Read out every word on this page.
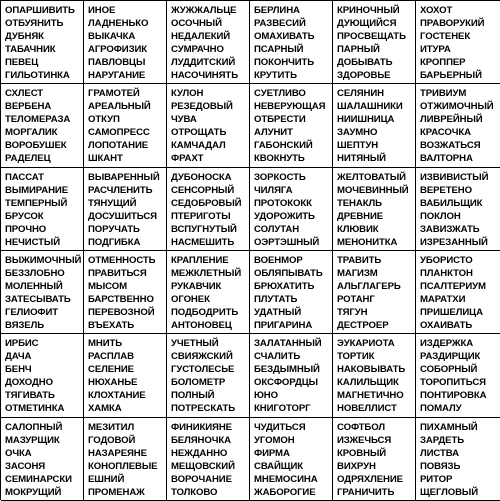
ОПАРШИВИТЬ
ОТБУЯНИТЬ
ДУБНЯК
ТАБАЧНИК
ПЕВЕЦ
ГИЛЬОТИНКА
ИНОЕ
ЛАДНЕНЬКО
ВЫКАЧКА
АГРОФИЗИК
ПАВЛОВЦЫ
НАРУГАНИЕ
ЖУЖЖАЛЬЦЕ
ОСОЧНЫЙ
НЕДАЛЕКИЙ
СУМРАЧНО
ЛУДДИТСКИЙ
НАСОЧИНЯТЬ
БЕРЛИНА
РАЗВЕСИЙ
ОМАХИВАТЬ
ПСАРНЫЙ
ПОКОНЧИТЬ
КРУТИТЬ
КРИНОЧНЫЙ
ДУЮЩИЙСЯ
ПРОСВЕЩАТЬ
ПАРНЫЙ
ДОБЫВАТЬ
ЗДОРОВЬЕ
ХОХОТ
ПРАВОРУКИЙ
ГОСТЕНЕК
ИТУРА
КРОППЕР
БАРЬЕРНЫЙ
СХЛЕСТ
ВЕРБЕНА
ТЕЛОМЕРАЗА
МОРГАЛИК
ВОРОБУШЕК
РАДЕЛЕЦ
ГРАМОТЕЙ
АРЕАЛЬНЫЙ
ОТКУП
САМОПРЕСС
ЛОПОТАНИЕ
ШКАНТ
КУЛОН
РЕЗЕДОВЫЙ
ЧУВА
ОТРОЩАТЬ
КАМЧАДАЛ
ФРАХТ
СУЕТЛИВО
НЕВЕРУЮЩАЯ
ОТБРЕСТИ
АЛУНИТ
ГАБОНСКИЙ
КВОКНУТЬ
СЕЛЯНИН
ШАЛАШНИКИ
НИИШНИЦА
ЗАУМНО
ШЕПТУН
НИТЯНЫЙ
ТРИВИУМ
ОТЖИМОЧНЫЙ
ЛИВРЕЙНЫЙ
КРАСОЧКА
ВОЗЖАТЬСЯ
ВАЛТОРНА
ПАССАТ
ВЫМИРАНИЕ
ТЕМПЕРНЫЙ
БРУСОК
ПРОЧНО
НЕЧИСТЫЙ
ВЫВАРЕННЫЙ
РАСЧЛЕНИТЬ
ТЯНУЩИЙ
ДОСУШИТЬСЯ
ПОРУЧАТЬ
ПОДГИБКА
ДУБОНОСКА
СЕНСОРНЫЙ
СЕДОБРОВЫЙ
ПТЕРИГОТЫ
ВСПУГНУТЫЙ
НАСМЕШИТЬ
ЗОРКОСТЬ
ЧИЛЯГА
ПРОТОКОКК
УДОРОЖИТЬ
СОЛУТАН
ОЭРТЭШНЫЙ
ЖЕЛТОВАТЫЙ
МОЧЕВИННЫЙ
ТЕНАКЛЬ
ДРЕВНИЕ
КЛЮВИК
МЕНОНИТКА
ИЗВИВИСТЫЙ
ВЕРЕТЕНО
ВАБИЛЬЩИК
ПОКЛОН
ЗАВИЗЖАТЬ
ИЗРЕЗАННЫЙ
ВЫЖИМОЧНЫЙ
БЕЗЗЛОБНО
МОЛЕННЫЙ
ЗАТЕСЫВАТЬ
ГЕЛИОФИТ
ВЯЗЕЛЬ
ОТМЕННОСТЬ
ПРАВИТЬСЯ
МЫСОМ
БАРСТВЕННО
ПЕРЕВОЗНОЙ
ВЪЕХАТЬ
КРАПЛЕНИЕ
МЕЖКЛЕТНЫЙ
РУКАВЧИК
ОГОНЕК
ПОДБОДРИТЬ
АНТОНОВЕЦ
ВОЕНМОР
ОБЛЯПЫВАТЬ
БРЮХАТИТЬ
ПЛУТАТЬ
УДАТНЫЙ
ПРИГАРИНА
ТРАВИТЬ
МАГИЗМ
АЛЬГЛАГЕРЬ
РОТАНГ
ТЯГУН
ДЕСТРОЕР
УБОРИСТО
ПЛАНКТОН
ПСАЛТЕРИУМ
МАРАТХИ
ПРИШЕЛИЦА
ОХАИВАТЬ
ИРБИС
ДАЧА
БЕНЧ
ДОХОДНО
ТЯГИВАТЬ
ОТМЕТИНКА
МНИТЬ
РАСПЛАВ
СЕЛЕНИЕ
НЮХАНЬЕ
КЛОХТАНИЕ
ХАМКА
УЧЕТНЫЙ
СВИЯЖСКИЙ
ГУСТОЛЕСЬЕ
БОЛОМЕТР
ПОЛНЫЙ
ПОТРЕСКАТЬ
ЗАЛАТАННЫЙ
СЧАЛИТЬ
БЕЗДЫМНЫЙ
ОКСФОРДЦЫ
ЮНО
КНИГОТОРГ
ЭУКАРИОТА
ТОРТИК
НАКОВЫВАТЬ
КАЛИЛЬЩИК
МАГНЕТИЧНО
НОВЕЛЛИСТ
ИЗДЕРЖКА
РАЗДИРЩИК
СОБОРНЫЙ
ТОРОПИТЬСЯ
ПОНТИРОВКА
ПОМАЛУ
САЛОПНЫЙ
МАЗУРЩИК
ОЧКА
ЗАСОНЯ
СЕМИНАРСКИ
МОКРУЩИЙ
МЕЗИТИЛ
ГОДОВОЙ
НАЗАРЕЯНЕ
КОНОПЛЕВЫЕ
ЕШНИЙ
ПРОМЕНАЖ
ФИНИКИЯНЕ
БЕЛЯНОЧКА
НЕЖДАННО
МЕЩОВСКИЙ
ВОРОЧАНИЕ
ТОЛКОВО
ЧУДИТЬСЯ
УГОМОН
ФИРМА
СВАЙЩИК
МНЕМОСИНА
ЖАБОРОГИЕ
СОФТБОЛ
ИЗЖЕЧЬСЯ
КРОВНЫЙ
ВИХРУН
ОДРЯХЛЕНИЕ
ГРАНИЧИТЬ
ПИХАМНЫЙ
ЗАРДЕТЬ
ЛИСТВА
ПОВЯЗЬ
РИТОР
ЩЕГЛОВЫЙ
